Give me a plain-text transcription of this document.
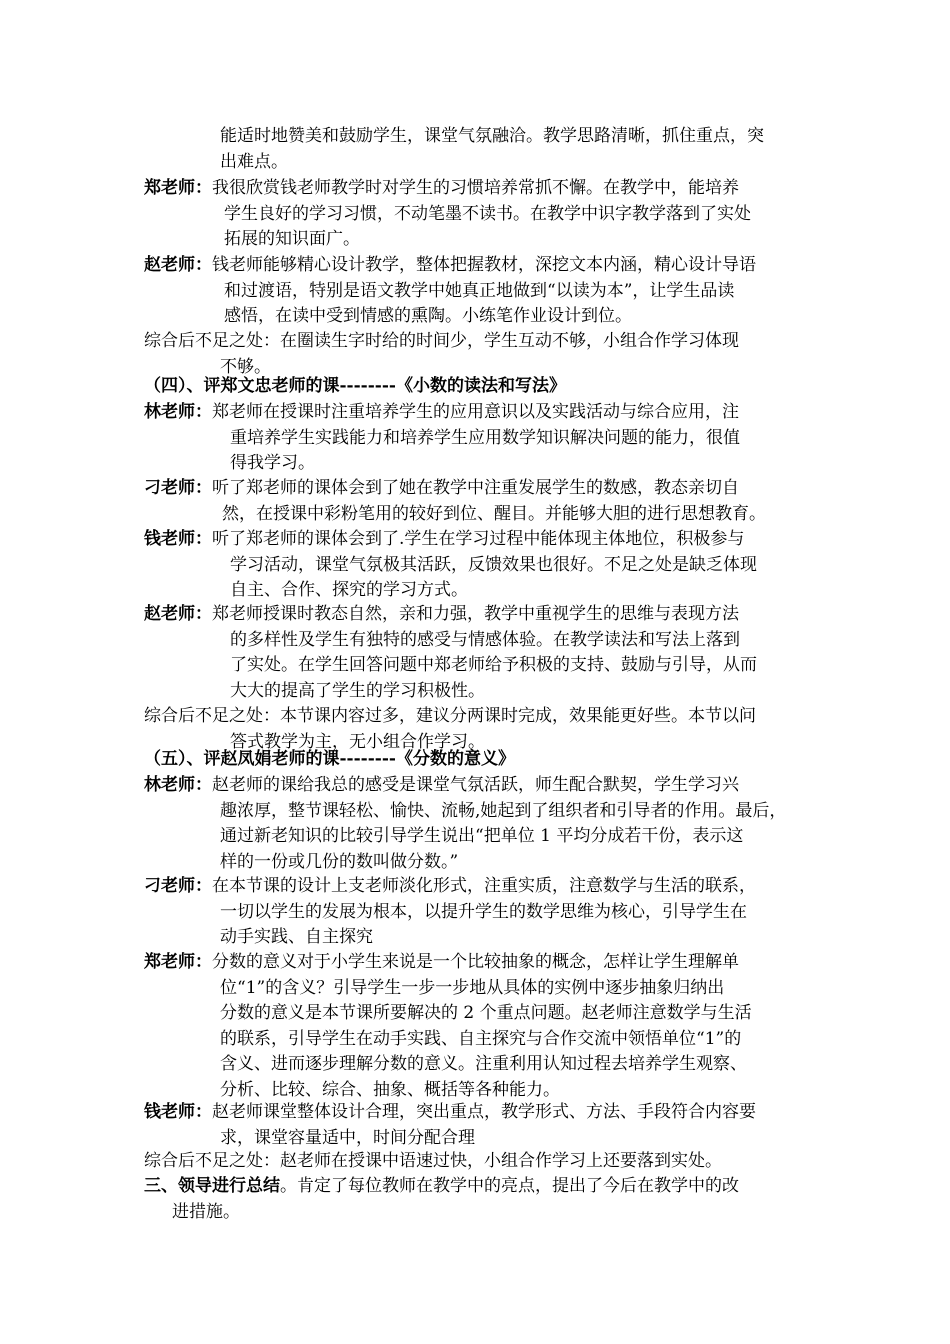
能适时地赞美和鼓励学生，课堂气氛融洽。教学思路清晰，抓住重点，突
出难点。
郑老师：我很欣赏钱老师教学时对学生的习惯培养常抓不懈。在教学中，能培养
学生良好的学习习惯，不动笔墨不读书。在教学中识字教学落到了实处
拓展的知识面广。
赵老师：钱老师能够精心设计教学，整体把握教材，深挖文本内涵，精心设计导语
和过渡语，特别是语文教学中她真正地做到“以读为本”，让学生品读
感悟，在读中受到情感的熏陶。小练笔作业设计到位。
综合后不足之处：在圈读生字时给的时间少，学生互动不够，小组合作学习体现
不够。
（四）、评郑文忠老师的课--------《小数的读法和写法》
林老师：郑老师在授课时注重培养学生的应用意识以及实践活动与综合应用，注
重培养学生实践能力和培养学生应用数学知识解决问题的能力，很值
得我学习。
刁老师：听了郑老师的课体会到了她在教学中注重发展学生的数感，教态亲切自
然，在授课中彩粉笔用的较好到位、醒目。并能够大胆的进行思想教育。
钱老师：听了郑老师的课体会到了.学生在学习过程中能体现主体地位，积极参与
学习活动，课堂气氛极其活跃，反馈效果也很好。不足之处是缺乏体现
自主、合作、探究的学习方式。
赵老师：郑老师授课时教态自然，亲和力强，教学中重视学生的思维与表现方法
的多样性及学生有独特的感受与情感体验。在教学读法和写法上落到
了实处。在学生回答问题中郑老师给予积极的支持、鼓励与引导，从而
大大的提高了学生的学习积极性。
综合后不足之处：本节课内容过多，建议分两课时完成，效果能更好些。本节以问
答式教学为主，无小组合作学习。
（五）、评赵凤娟老师的课--------《分数的意义》
林老师：赵老师的课给我总的感受是课堂气氛活跃，师生配合默契，学生学习兴
趣浓厚，整节课轻松、愉快、流畅,她起到了组织者和引导者的作用。最后，
通过新老知识的比较引导学生说出“把单位 1 平均分成若干份，表示这
样的一份或几份的数叫做分数。”
刁老师：在本节课的设计上支老师淡化形式，注重实质，注意数学与生活的联系，
一切以学生的发展为根本，以提升学生的数学思维为核心，引导学生在
动手实践、自主探究
郑老师：分数的意义对于小学生来说是一个比较抽象的概念，怎样让学生理解单
位“1”的含义？引导学生一步一步地从具体的实例中逐步抽象归纳出
分数的意义是本节课所要解决的 2 个重点问题。赵老师注意数学与生活
的联系，引导学生在动手实践、自主探究与合作交流中领悟单位“1”的
含义、进而逐步理解分数的意义。注重利用认知过程去培养学生观察、
分析、比较、综合、抽象、概括等各种能力。
钱老师：赵老师课堂整体设计合理，突出重点，教学形式、方法、手段符合内容要
求，课堂容量适中，时间分配合理
综合后不足之处：赵老师在授课中语速过快，小组合作学习上还要落到实处。
三、领导进行总结。肯定了每位教师在教学中的亮点，提出了今后在教学中的改
进措施。
